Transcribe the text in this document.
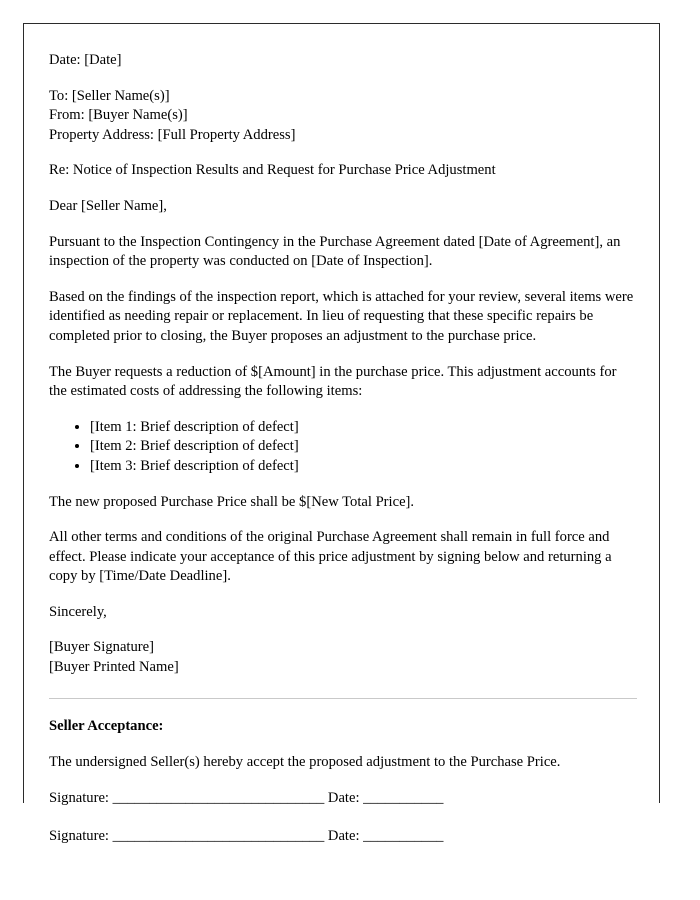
Date: [Date]

To: [Seller Name(s)]
From: [Buyer Name(s)]
Property Address: [Full Property Address]

Re: Notice of Inspection Results and Request for Purchase Price Adjustment

Dear [Seller Name],

Pursuant to the Inspection Contingency in the Purchase Agreement dated [Date of Agreement], an inspection of the property was conducted on [Date of Inspection].

Based on the findings of the inspection report, which is attached for your review, several items were identified as needing repair or replacement. In lieu of requesting that these specific repairs be completed prior to closing, the Buyer proposes an adjustment to the purchase price.

The Buyer requests a reduction of $[Amount] in the purchase price. This adjustment accounts for the estimated costs of addressing the following items:

• [Item 1: Brief description of defect]
• [Item 2: Brief description of defect]
• [Item 3: Brief description of defect]

The new proposed Purchase Price shall be $[New Total Price].

All other terms and conditions of the original Purchase Agreement shall remain in full force and effect. Please indicate your acceptance of this price adjustment by signing below and returning a copy by [Time/Date Deadline].

Sincerely,

[Buyer Signature]
[Buyer Printed Name]

Seller Acceptance:

The undersigned Seller(s) hereby accept the proposed adjustment to the Purchase Price.

Signature: _____________________________ Date: ___________

Signature: _____________________________ Date: ___________
